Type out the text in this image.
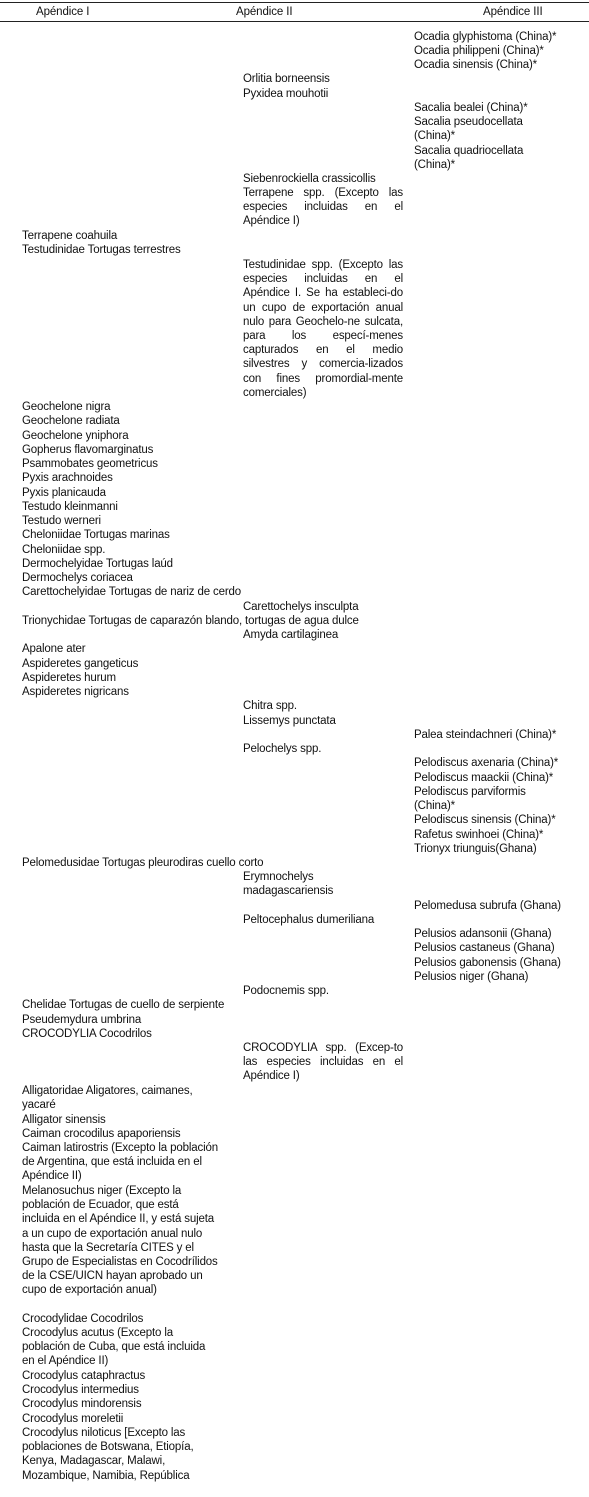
Apéndice I	Apéndice II	Apéndice III
Terrapene coahuila
Testudinidae Tortugas terrestres
Geochelone nigra
Geochelone radiata
Geochelone yniphora
Gopherus flavomarginatus
Psammobates geometricus
Pyxis arachnoides
Pyxis planicauda
Testudo kleinmanni
Testudo werneri
Cheloniidae Tortugas marinas
Cheloniidae spp.
Dermochelyidae Tortugas laúd
Dermochelys coriacea
Carettochelyidae Tortugas de nariz de cerdo
Trionychidae Tortugas de caparazón blando, tortugas de agua dulce
Apalone ater
Aspideretes gangeticus
Aspideretes hurum
Aspideretes nigricans
Pelomedusidae Tortugas pleurodiras cuello corto
Chelidae Tortugas de cuello de serpiente
Pseudemydura umbrina
CROCODYLIA Cocodrilos
Alligatoridae Aligatores, caimanes, yacaré
Alligator sinensis
Caiman crocodilus apaporiensis
Caiman latirostris (Excepto la población de Argentina, que está incluida en el Apéndice II)
Melanosuchus niger (Excepto la población de Ecuador, que está incluida en el Apéndice II, y está sujeta a un cupo de exportación anual nulo hasta que la Secretaría CITES y el Grupo de Especialistas en Cocodrílidos de la CSE/UICN hayan aprobado un cupo de exportación anual)
Crocodylidae Cocodrilos
Crocodylus acutus (Excepto la población de Cuba, que está incluida en el Apéndice II)
Crocodylus cataphractus
Crocodylus intermedius
Crocodylus mindorensis
Crocodylus moreletii
Crocodylus niloticus [Excepto las poblaciones de Botswana, Etiopía, Kenya, Madagascar, Malawi, Mozambique, Namibia, República
Orlitia borneensis
Pyxidea mouhotii
Siebenrockiella crassicollis
Terrapene spp. (Excepto las especies incluidas en el Apéndice I)
Testudinidae spp. (Excepto las especies incluidas en el Apéndice I. Se ha estableci-do un cupo de exportación anual nulo para Geochelo-ne sulcata, para los especí-menes capturados en el medio silvestres y comercia-lizados con fines promordial-mente comerciales)
Carettochelys insculpta
Amyda cartilaginea
Chitra spp.
Lissemys punctata
Pelochelys spp.
Erymnochelys madagascariensis
Peltocephalus dumeriliana
Podocnemis spp.
CROCODYLIA spp. (Excep-to las especies incluidas en el Apéndice I)
Ocadia glyphistoma (China)*
Ocadia philippeni (China)*
Ocadia sinensis (China)*
Sacalia bealei (China)*
Sacalia pseudocellata (China)*
Sacalia quadriocellata (China)*
Palea steindachneri (China)*
Pelodiscus axenaria (China)*
Pelodiscus maackii (China)*
Pelodiscus parviformis (China)*
Pelodiscus sinensis (China)*
Rafetus swinhoei (China)*
Trionyx triunguis(Ghana)
Pelomedusa subrufa (Ghana)
Pelusios adansonii (Ghana)
Pelusios castaneus (Ghana)
Pelusios gabonensis (Ghana)
Pelusios niger (Ghana)
